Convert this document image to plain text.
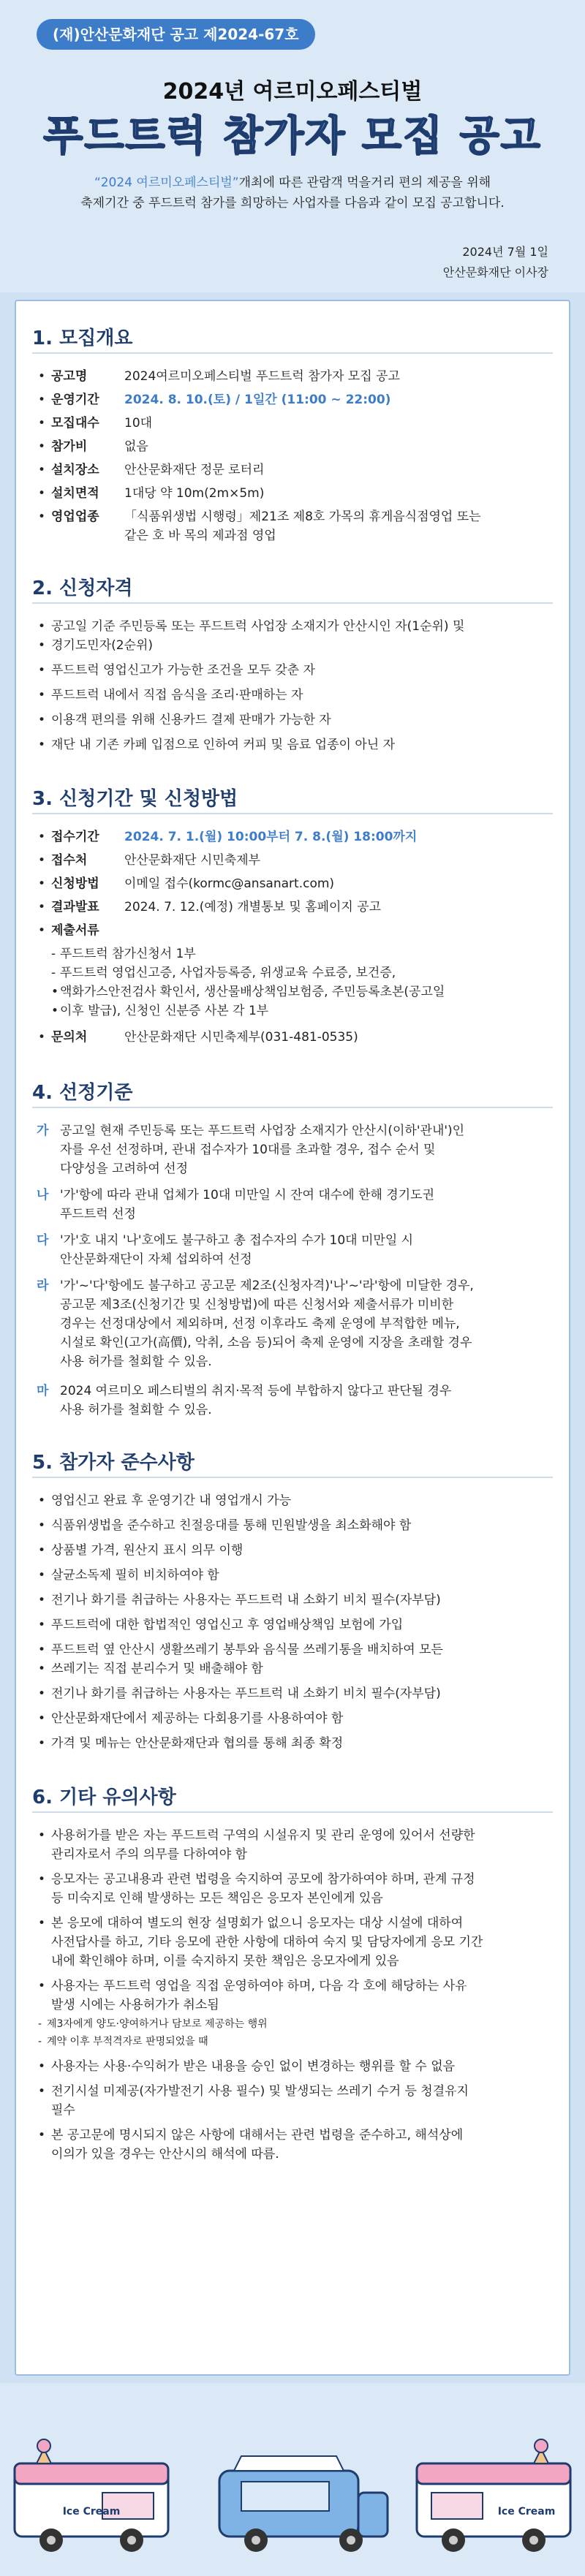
(재)안산문화재단 공고 제2024-67호
2024년 여르미오페스티벌
푸드트럭 참가자 모집 공고
“2024 여르미오페스티벌”개최에 따른 관람객 먹을거리 편의 제공을 위해
축제기간 중 푸드트럭 참가를 희망하는 사업자를 다음과 같이 모집 공고합니다.
2024년 7월 1일
안산문화재단 이사장
1. 모집개요
• 공고명	2024여르미오페스티벌 푸드트럭 참가자 모집 공고
• 운영기간 2024. 8. 10.(토) / 1일간 (11:00 ~ 22:00)
• 모집대수 10대
• 참가비	없음
• 설치장소 안산문화재단 정문 로터리
• 설치면적 1대당 약 10m(2m×5m)
• 영업업종 「식품위생법 시행령」제21조 제8호 가목의 휴게음식점영업 또는
같은 호 바 목의 제과점 영업
2. 신청자격
• 공고일 기준 주민등록 또는 푸드트럭 사업장 소재지가 안산시인 자(1순위) 및
• 경기도민자(2순위)
• 푸드트럭 영업신고가 가능한 조건을 모두 갖춘 자
• 푸드트럭 내에서 직접 음식을 조리·판매하는 자
• 이용객 편의를 위해 신용카드 결제 판매가 가능한 자
• 재단 내 기존 카페 입점으로 인하여 커피 및 음료 업종이 아닌 자
3. 신청기간 및 신청방법
• 접수기간 2024. 7. 1.(월) 10:00부터 7. 8.(월) 18:00까지
• 접수처	안산문화재단 시민축제부
• 신청방법 이메일 접수(kormc@ansanart.com)
• 결과발표 2024. 7. 12.(예정) 개별통보 및 홈페이지 공고
• 제출서류
- 푸드트럭 참가신청서 1부
- 푸드트럭 영업신고증, 사업자등록증, 위생교육 수료증, 보건증,
• 액화가스안전검사 확인서, 생산물배상책임보험증, 주민등록초본(공고일
• 이후 발급), 신청인 신분증 사본 각 1부
• 문의처	안산문화재단 시민축제부(031-481-0535)
4. 선정기준
가 공고일 현재 주민등록 또는 푸드트럭 사업장 소재지가 안산시(이하'관내')인
자를 우선 선정하며, 관내 접수자가 10대를 초과할 경우, 접수 순서 및
다양성을 고려하여 선정
나 '가'항에 따라 관내 업체가 10대 미만일 시 잔여 대수에 한해 경기도권
푸드트럭 선정
다 '가'호 내지 '나'호에도 불구하고 총 접수자의 수가 10대 미만일 시
안산문화재단이 자체 섭외하여 선정
라 '가'~'다'항에도 불구하고 공고문 제2조(신청자격)'나'~'라'항에 미달한 경우,
공고문 제3조(신청기간 및 신청방법)에 따른 신청서와 제출서류가 미비한
경우는 선정대상에서 제외하며, 선정 이후라도 축제 운영에 부적합한 메뉴,
시설로 확인(고가(高價), 악취, 소음 등)되어 축제 운영에 지장을 초래할 경우
사용 허가를 철회할 수 있음.
마 2024 여르미오 페스티벌의 취지·목적 등에 부합하지 않다고 판단될 경우
사용 허가를 철회할 수 있음.
5. 참가자 준수사항
• 영업신고 완료 후 운영기간 내 영업개시 가능
• 식품위생법을 준수하고 친절응대를 통해 민원발생을 최소화해야 함
• 상품별 가격, 원산지 표시 의무 이행
• 살균소독제 필히 비치하여야 함
• 전기나 화기를 취급하는 사용자는 푸드트럭 내 소화기 비치 필수(자부담)
• 푸드트럭에 대한 합법적인 영업신고 후 영업배상책임 보험에 가입
• 푸드트럭 옆 안산시 생활쓰레기 봉투와 음식물 쓰레기통을 배치하여 모든
• 쓰레기는 직접 분리수거 및 배출해야 함
• 전기나 화기를 취급하는 사용자는 푸드트럭 내 소화기 비치 필수(자부담)
• 안산문화재단에서 제공하는 다회용기를 사용하여야 함
• 가격 및 메뉴는 안산문화재단과 협의를 통해 최종 확정
6. 기타 유의사항
• 사용허가를 받은 자는 푸드트럭 구역의 시설유지 및 관리 운영에 있어서 선량한
관리자로서 주의 의무를 다하여야 함
• 응모자는 공고내용과 관련 법령을 숙지하여 공모에 참가하여야 하며, 관계 규정
등 미숙지로 인해 발생하는 모든 책임은 응모자 본인에게 있음
• 본 응모에 대하여 별도의 현장 설명회가 없으니 응모자는 대상 시설에 대하여
사전답사를 하고, 기타 응모에 관한 사항에 대하여 숙지 및 담당자에게 응모 기간
내에 확인해야 하며, 이를 숙지하지 못한 책임은 응모자에게 있음
• 사용자는 푸드트럭 영업을 직접 운영하여야 하며, 다음 각 호에 해당하는 사유
발생 시에는 사용허가가 취소됨
- 제3자에게 양도·양여하거나 담보로 제공하는 행위
- 계약 이후 부적격자로 판명되었을 때
• 사용자는 사용·수익허가 받은 내용을 승인 없이 변경하는 행위를 할 수 없음
• 전기시설 미제공(자가발전기 사용 필수) 및 발생되는 쓰레기 수거 등 청결유지
필수
• 본 공고문에 명시되지 않은 사항에 대해서는 관련 법령을 준수하고, 해석상에
이의가 있을 경우는 안산시의 해석에 따름.
Ice Cream	Ice Cream
